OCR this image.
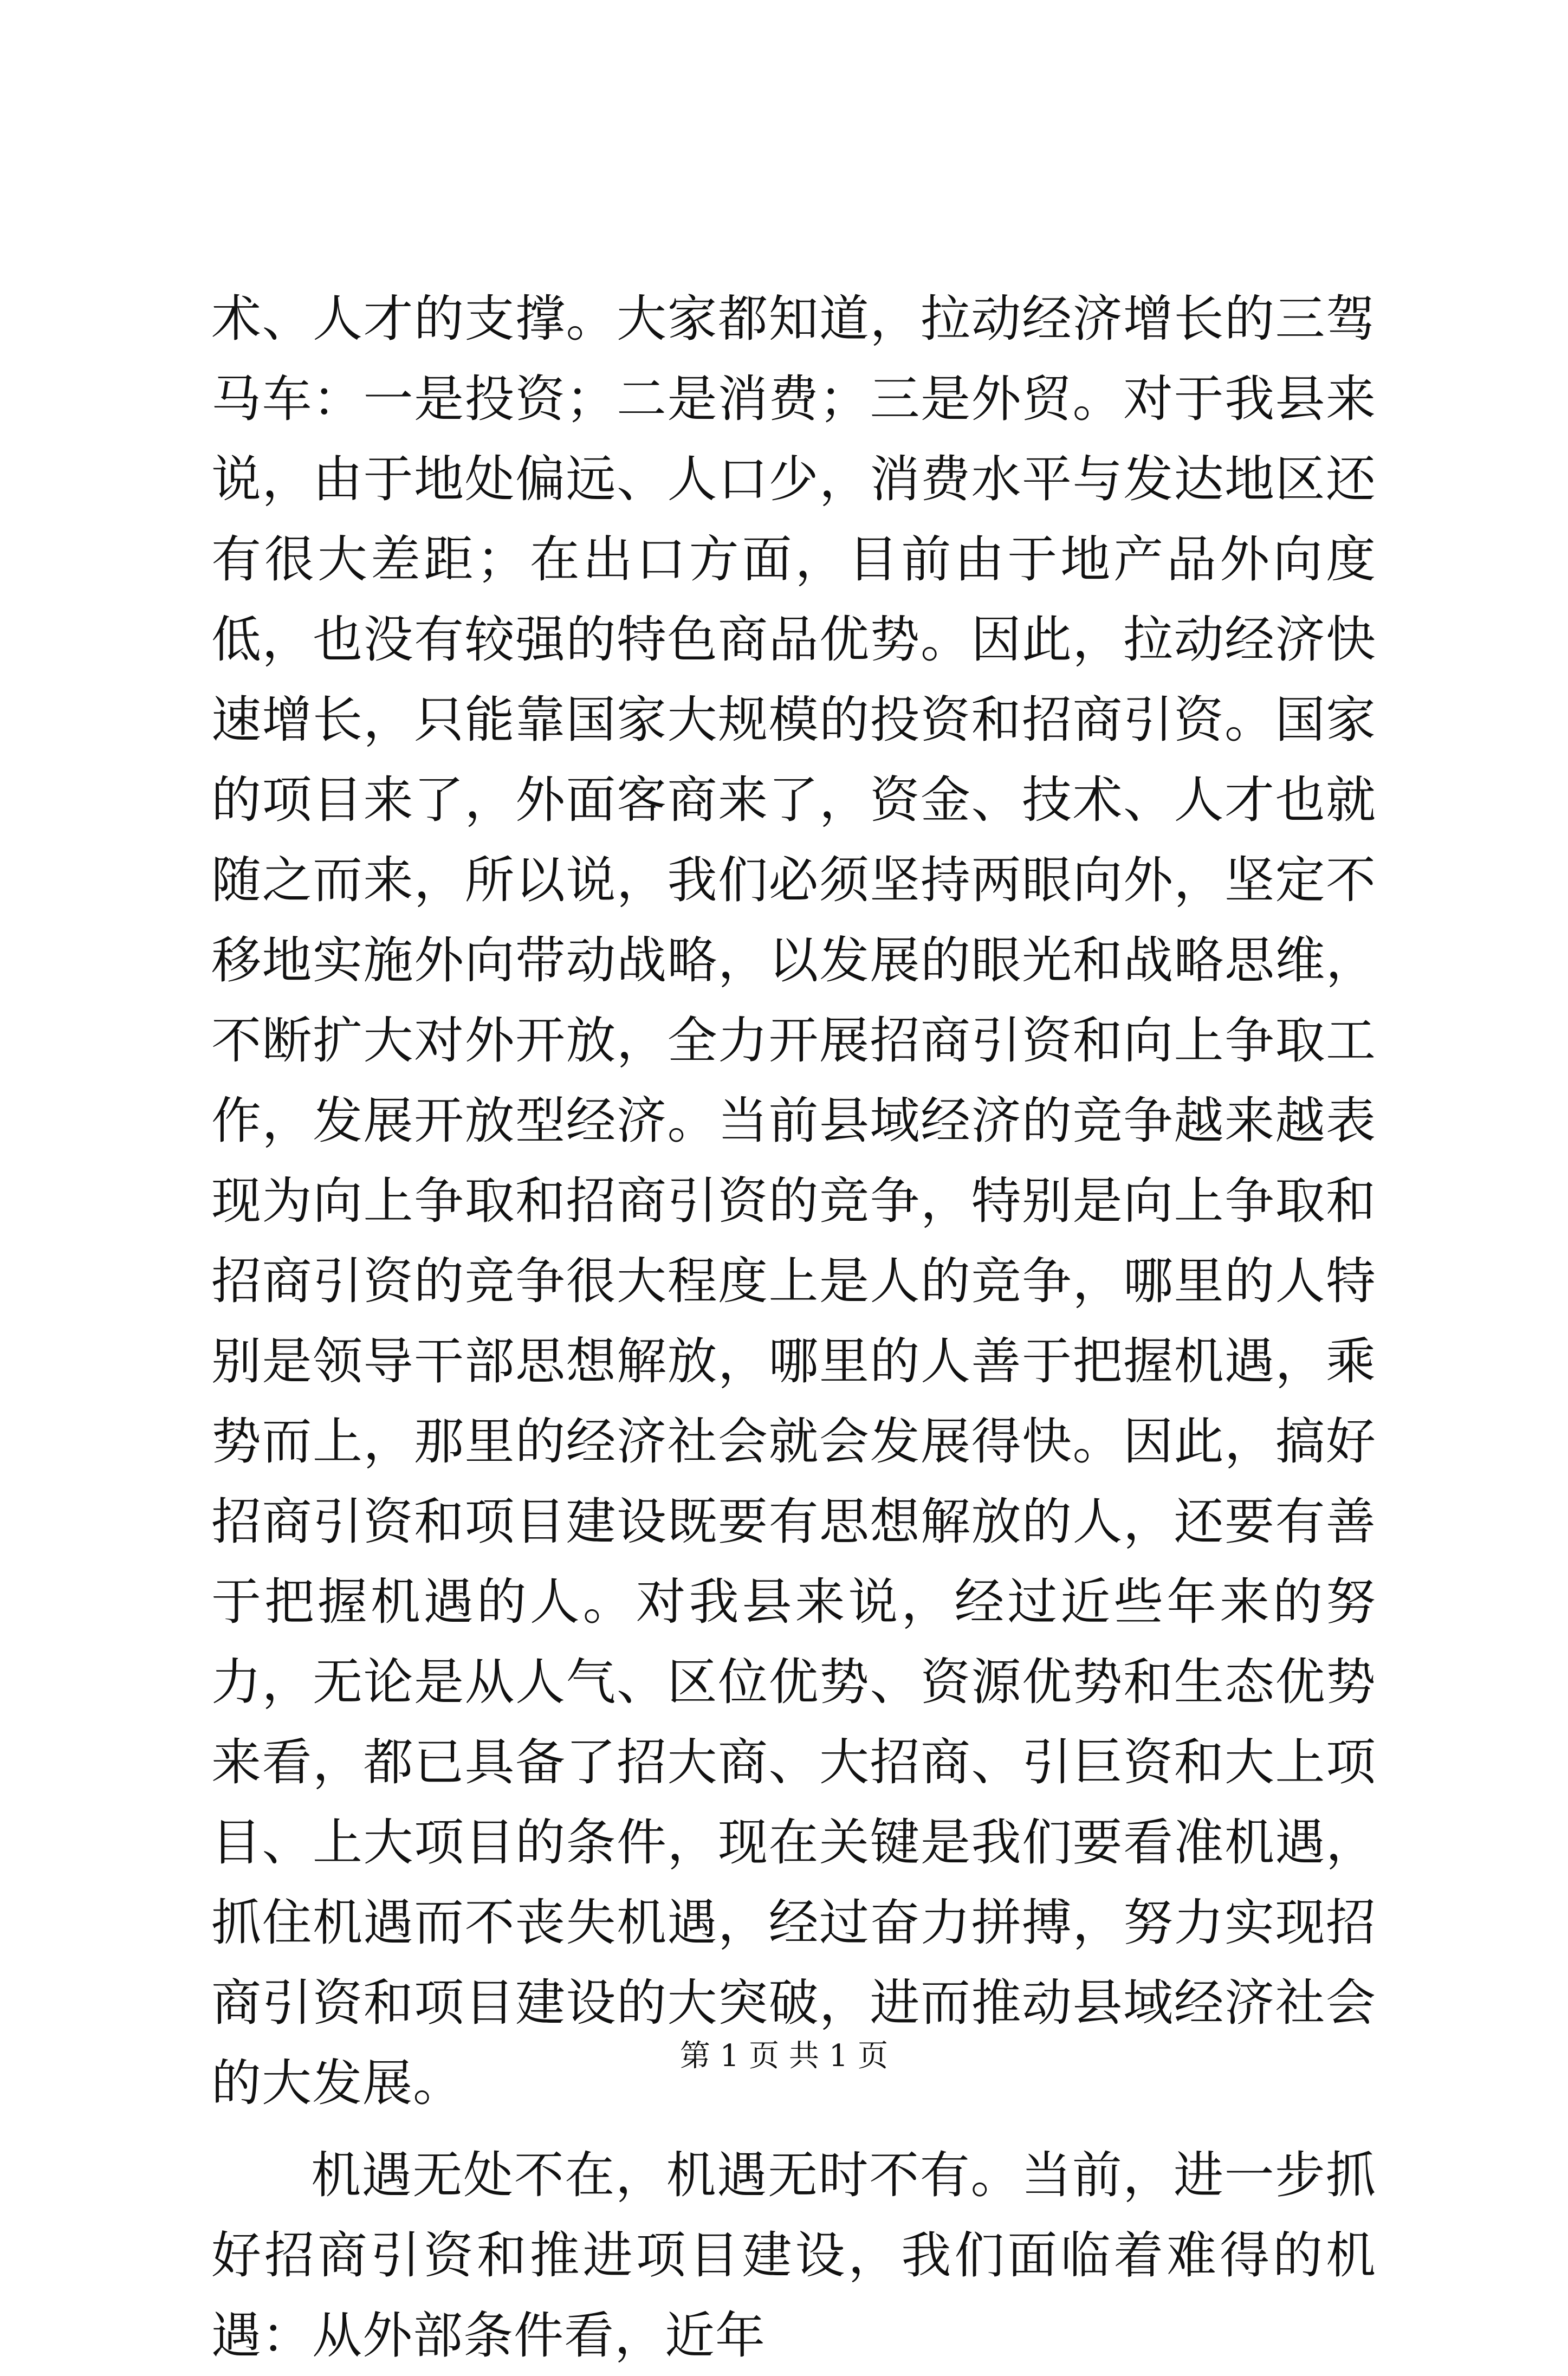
术、人才的支撑。大家都知道，拉动经济增长的三驾马车：一是投资；二是消费；三是外贸。对于我县来说，由于地处偏远、人口少，消费水平与发达地区还有很大差距；在出口方面，目前由于地产品外向度低，也没有较强的特色商品优势。因此，拉动经济快速增长，只能靠国家大规模的投资和招商引资。国家的项目来了，外面客商来了，资金、技术、人才也就随之而来，所以说，我们必须坚持两眼向外，坚定不移地实施外向带动战略，以发展的眼光和战略思维，不断扩大对外开放，全力开展招商引资和向上争取工作，发展开放型经济。当前县域经济的竞争越来越表现为向上争取和招商引资的竞争，特别是向上争取和招商引资的竞争很大程度上是人的竞争，哪里的人特别是领导干部思想解放，哪里的人善于把握机遇，乘势而上，那里的经济社会就会发展得快。因此，搞好招商引资和项目建设既要有思想解放的人，还要有善于把握机遇的人。对我县来说，经过近些年来的努力，无论是从人气、区位优势、资源优势和生态优势来看，都已具备了招大商、大招商、引巨资和大上项目、上大项目的条件，现在关键是我们要看准机遇，抓住机遇而不丧失机遇，经过奋力拼搏，努力实现招商引资和项目建设的大突破，进而推动县域经济社会的大发展。

机遇无处不在，机遇无时不有。当前，进一步抓好招商引资和推进项目建设，我们面临着难得的机遇：从外部条件看，近年

第 1 页 共 1 页
